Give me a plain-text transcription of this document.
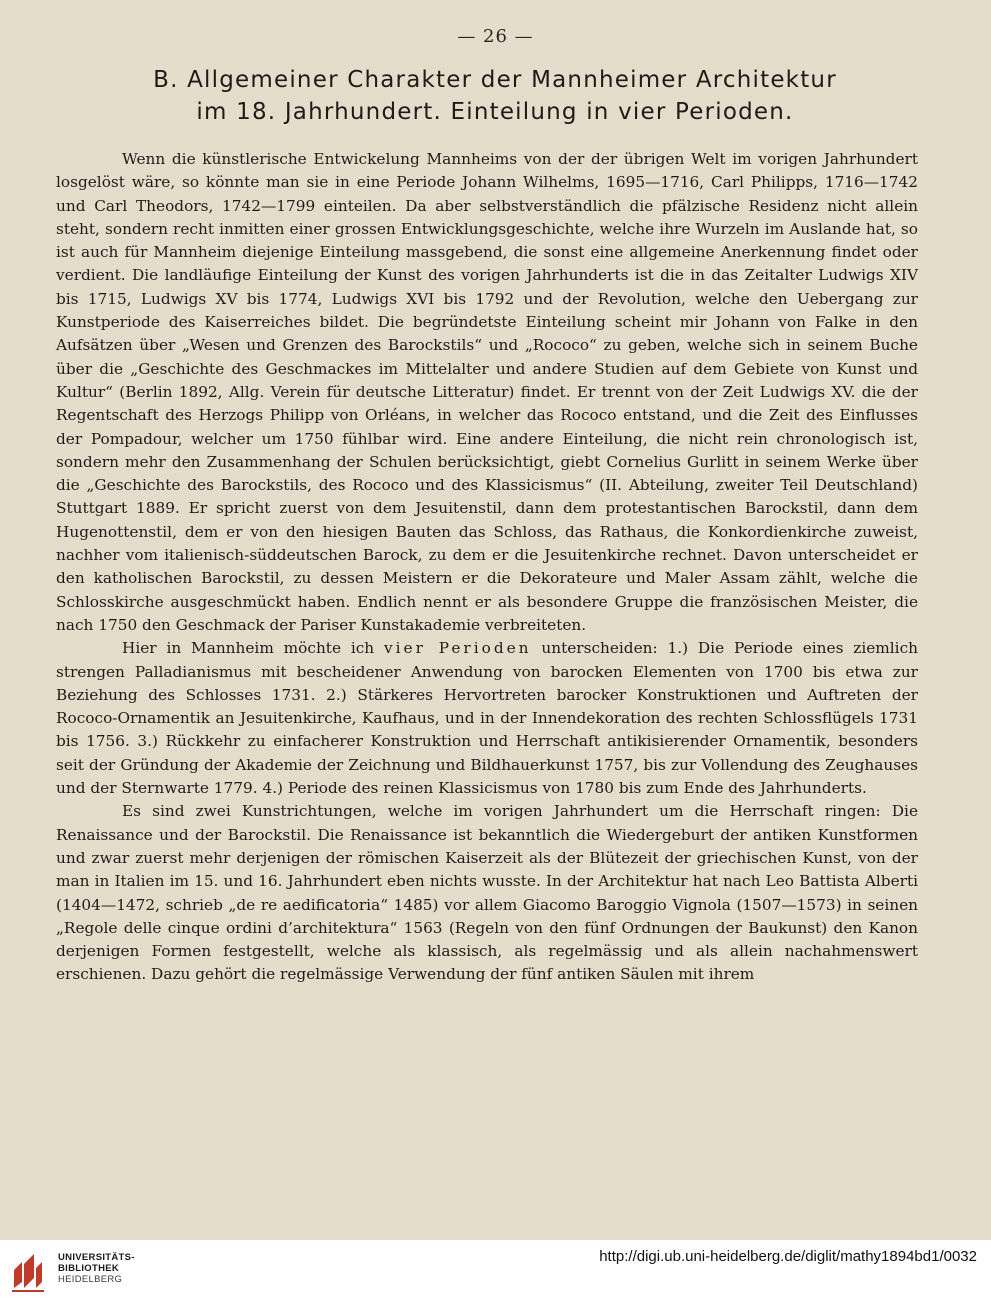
— 26 —
B. Allgemeiner Charakter der Mannheimer Architektur
im 18. Jahrhundert. Einteilung in vier Perioden.

Wenn die künstlerische Entwickelung Mannheims von der der übrigen Welt im vorigen Jahrhundert losgelöst wäre, so könnte man sie in eine Periode Johann Wilhelms, 1695—1716, Carl Philipps, 1716—1742 und Carl Theodors, 1742—1799 einteilen. Da aber selbstverständlich die pfälzische Residenz nicht allein steht, sondern recht inmitten einer grossen Entwicklungsgeschichte, welche ihre Wurzeln im Auslande hat, so ist auch für Mannheim diejenige Einteilung massgebend, die sonst eine allgemeine Anerkennung findet oder verdient. Die landläufige Einteilung der Kunst des vorigen Jahrhunderts ist die in das Zeitalter Ludwigs XIV bis 1715, Ludwigs XV bis 1774, Ludwigs XVI bis 1792 und der Revolution, welche den Uebergang zur Kunstperiode des Kaiserreiches bildet. Die begründetste Einteilung scheint mir Johann von Falke in den Aufsätzen über „Wesen und Grenzen des Barockstils“ und „Rococo“ zu geben, welche sich in seinem Buche über die „Geschichte des Geschmackes im Mittelalter und andere Studien auf dem Gebiete von Kunst und Kultur“ (Berlin 1892, Allg. Verein für deutsche Litteratur) findet. Er trennt von der Zeit Ludwigs XV. die der Regentschaft des Herzogs Philipp von Orléans, in welcher das Rococo entstand, und die Zeit des Einflusses der Pompadour, welcher um 1750 fühlbar wird. Eine andere Einteilung, die nicht rein chronologisch ist, sondern mehr den Zusammenhang der Schulen berücksichtigt, giebt Cornelius Gurlitt in seinem Werke über die „Geschichte des Barockstils, des Rococo und des Klassicismus“ (II. Abteilung, zweiter Teil Deutschland) Stuttgart 1889. Er spricht zuerst von dem Jesuitenstil, dann dem protestantischen Barockstil, dann dem Hugenottenstil, dem er von den hiesigen Bauten das Schloss, das Rathaus, die Konkordienkirche zuweist, nachher vom italienisch-süddeutschen Barock, zu dem er die Jesuitenkirche rechnet. Davon unterscheidet er den katholischen Barockstil, zu dessen Meistern er die Dekorateure und Maler Assam zählt, welche die Schlosskirche ausgeschmückt haben. Endlich nennt er als besondere Gruppe die französischen Meister, die nach 1750 den Geschmack der Pariser Kunstakademie verbreiteten.

Hier in Mannheim möchte ich vier Perioden unterscheiden: 1.) Die Periode eines ziemlich strengen Palladianismus mit bescheidener Anwendung von barocken Elementen von 1700 bis etwa zur Beziehung des Schlosses 1731. 2.) Stärkeres Hervortreten barocker Konstruktionen und Auftreten der Rococo-Ornamentik an Jesuitenkirche, Kaufhaus, und in der Innendekoration des rechten Schlossflügels 1731 bis 1756. 3.) Rückkehr zu einfacherer Konstruktion und Herrschaft antikisierender Ornamentik, besonders seit der Gründung der Akademie der Zeichnung und Bildhauerkunst 1757, bis zur Vollendung des Zeughauses und der Sternwarte 1779. 4.) Periode des reinen Klassicismus von 1780 bis zum Ende des Jahrhunderts.

Es sind zwei Kunstrichtungen, welche im vorigen Jahrhundert um die Herrschaft ringen: Die Renaissance und der Barockstil. Die Renaissance ist bekanntlich die Wiedergeburt der antiken Kunstformen und zwar zuerst mehr derjenigen der römischen Kaiserzeit als der Blütezeit der griechischen Kunst, von der man in Italien im 15. und 16. Jahrhundert eben nichts wusste. In der Architektur hat nach Leo Battista Alberti (1404—1472, schrieb „de re aedificatoria“ 1485) vor allem Giacomo Baroggio Vignola (1507—1573) in seinen „Regole delle cinque ordini d’architektura“ 1563 (Regeln von den fünf Ordnungen der Baukunst) den Kanon derjenigen Formen festgestellt, welche als klassisch, als regelmässig und als allein nachahmenswert erschienen. Dazu gehört die regelmässige Verwendung der fünf antiken Säulen mit ihrem

UNIVERSITÄTS-
BIBLIOTHEK
HEIDELBERG
http://digi.ub.uni-heidelberg.de/diglit/mathy1894bd1/0032
